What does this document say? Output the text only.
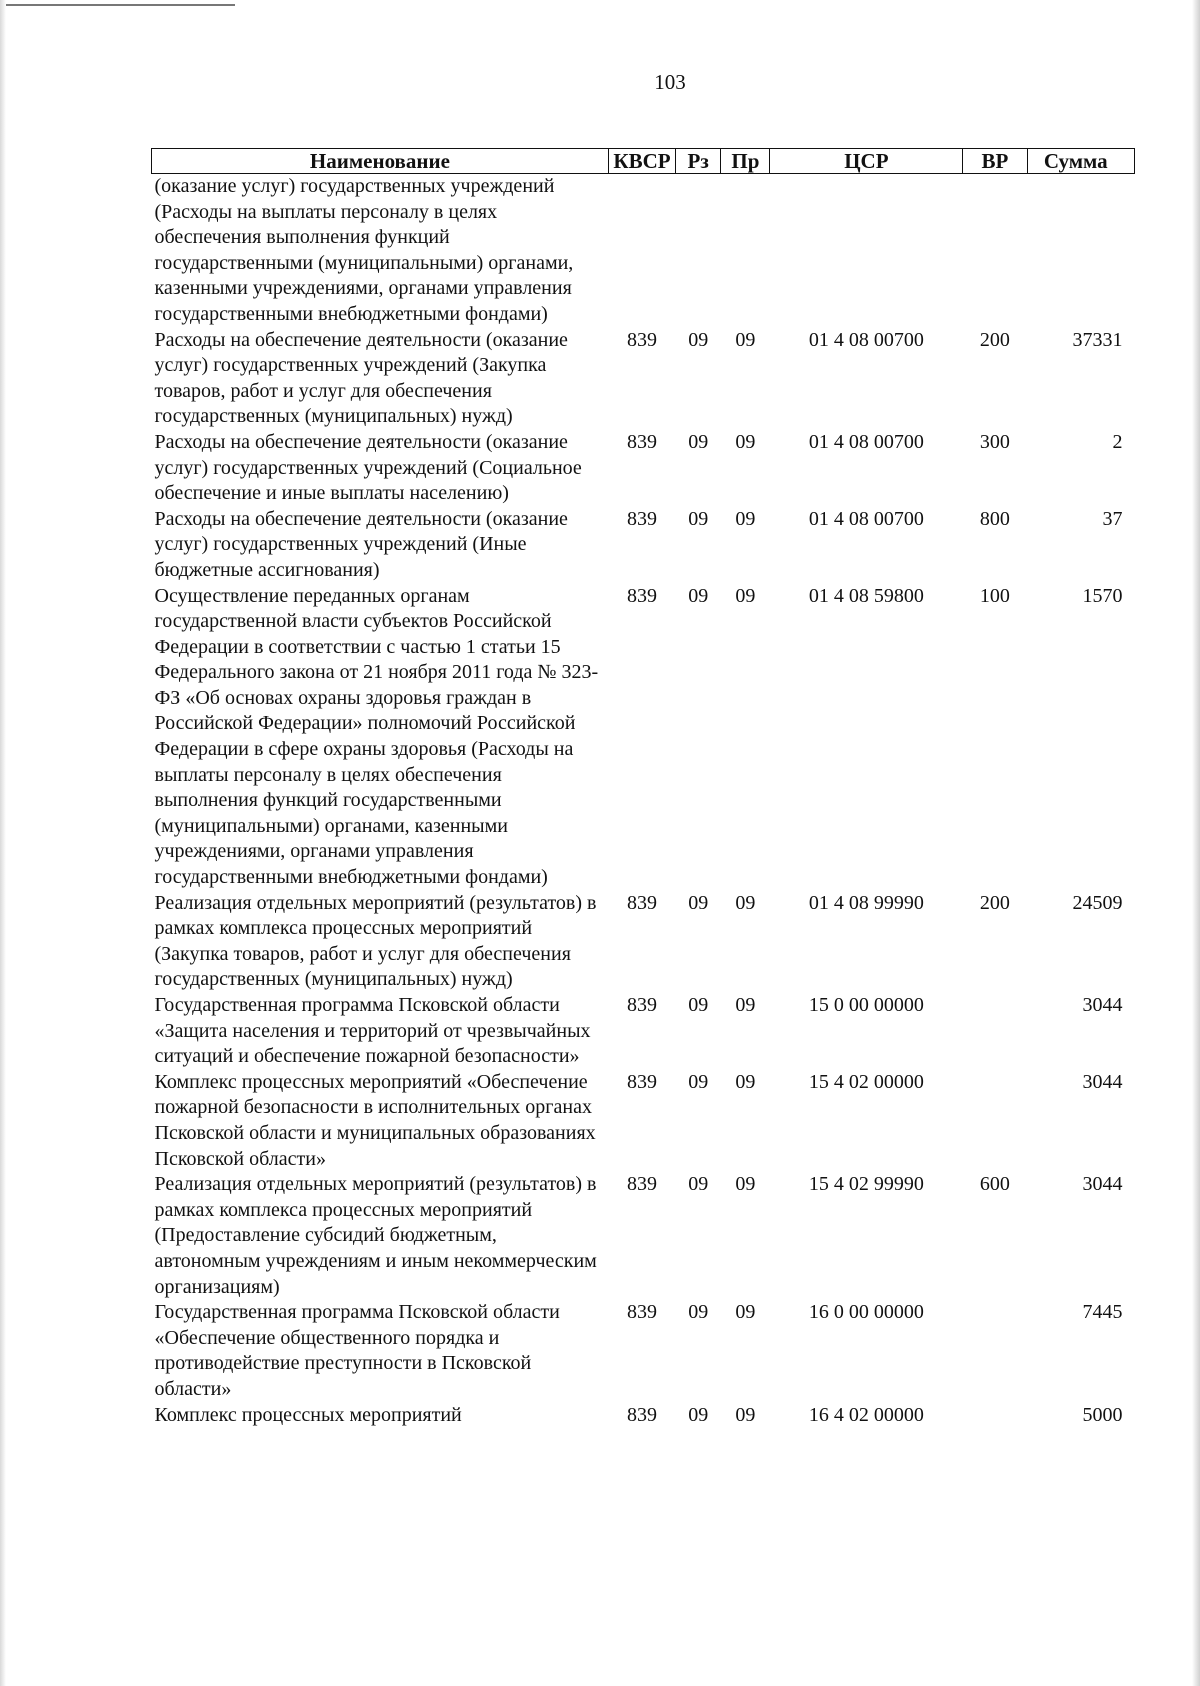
103
Наименование	КВСР	Рз	Пр	ЦСР	ВР	Сумма
(оказание услуг) государственных учреждений (Расходы на выплаты персоналу в целях обеспечения выполнения функций государственными (муниципальными) органами, казенными учреждениями, органами управления государственными внебюджетными фондами)						
Расходы на обеспечение деятельности (оказание услуг) государственных учреждений (Закупка товаров, работ и услуг для обеспечения государственных (муниципальных) нужд)	839	09	09	01 4 08 00700	200	37331
Расходы на обеспечение деятельности (оказание услуг) государственных учреждений (Социальное обеспечение и иные выплаты населению)	839	09	09	01 4 08 00700	300	2
Расходы на обеспечение деятельности (оказание услуг) государственных учреждений (Иные бюджетные ассигнования)	839	09	09	01 4 08 00700	800	37
Осуществление переданных органам государственной власти субъектов Российской Федерации в соответствии с частью 1 статьи 15 Федерального закона от 21 ноября 2011 года № 323-ФЗ «Об основах охраны здоровья граждан в Российской Федерации» полномочий Российской Федерации в сфере охраны здоровья (Расходы на выплаты персоналу в целях обеспечения выполнения функций государственными (муниципальными) органами, казенными учреждениями, органами управления государственными внебюджетными фондами)	839	09	09	01 4 08 59800	100	1570
Реализация отдельных мероприятий (результатов) в рамках комплекса процессных мероприятий (Закупка товаров, работ и услуг для обеспечения государственных (муниципальных) нужд)	839	09	09	01 4 08 99990	200	24509
Государственная программа Псковской области «Защита населения и территорий от чрезвычайных ситуаций и обеспечение пожарной безопасности»	839	09	09	15 0 00 00000		3044
Комплекс процессных мероприятий «Обеспечение пожарной безопасности в исполнительных органах Псковской области и муниципальных образованиях Псковской области»	839	09	09	15 4 02 00000		3044
Реализация отдельных мероприятий (результатов) в рамках комплекса процессных мероприятий (Предоставление субсидий бюджетным, автономным учреждениям и иным некоммерческим организациям)	839	09	09	15 4 02 99990	600	3044
Государственная программа Псковской области «Обеспечение общественного порядка и противодействие преступности в Псковской области»	839	09	09	16 0 00 00000		7445
Комплекс процессных мероприятий	839	09	09	16 4 02 00000		5000
